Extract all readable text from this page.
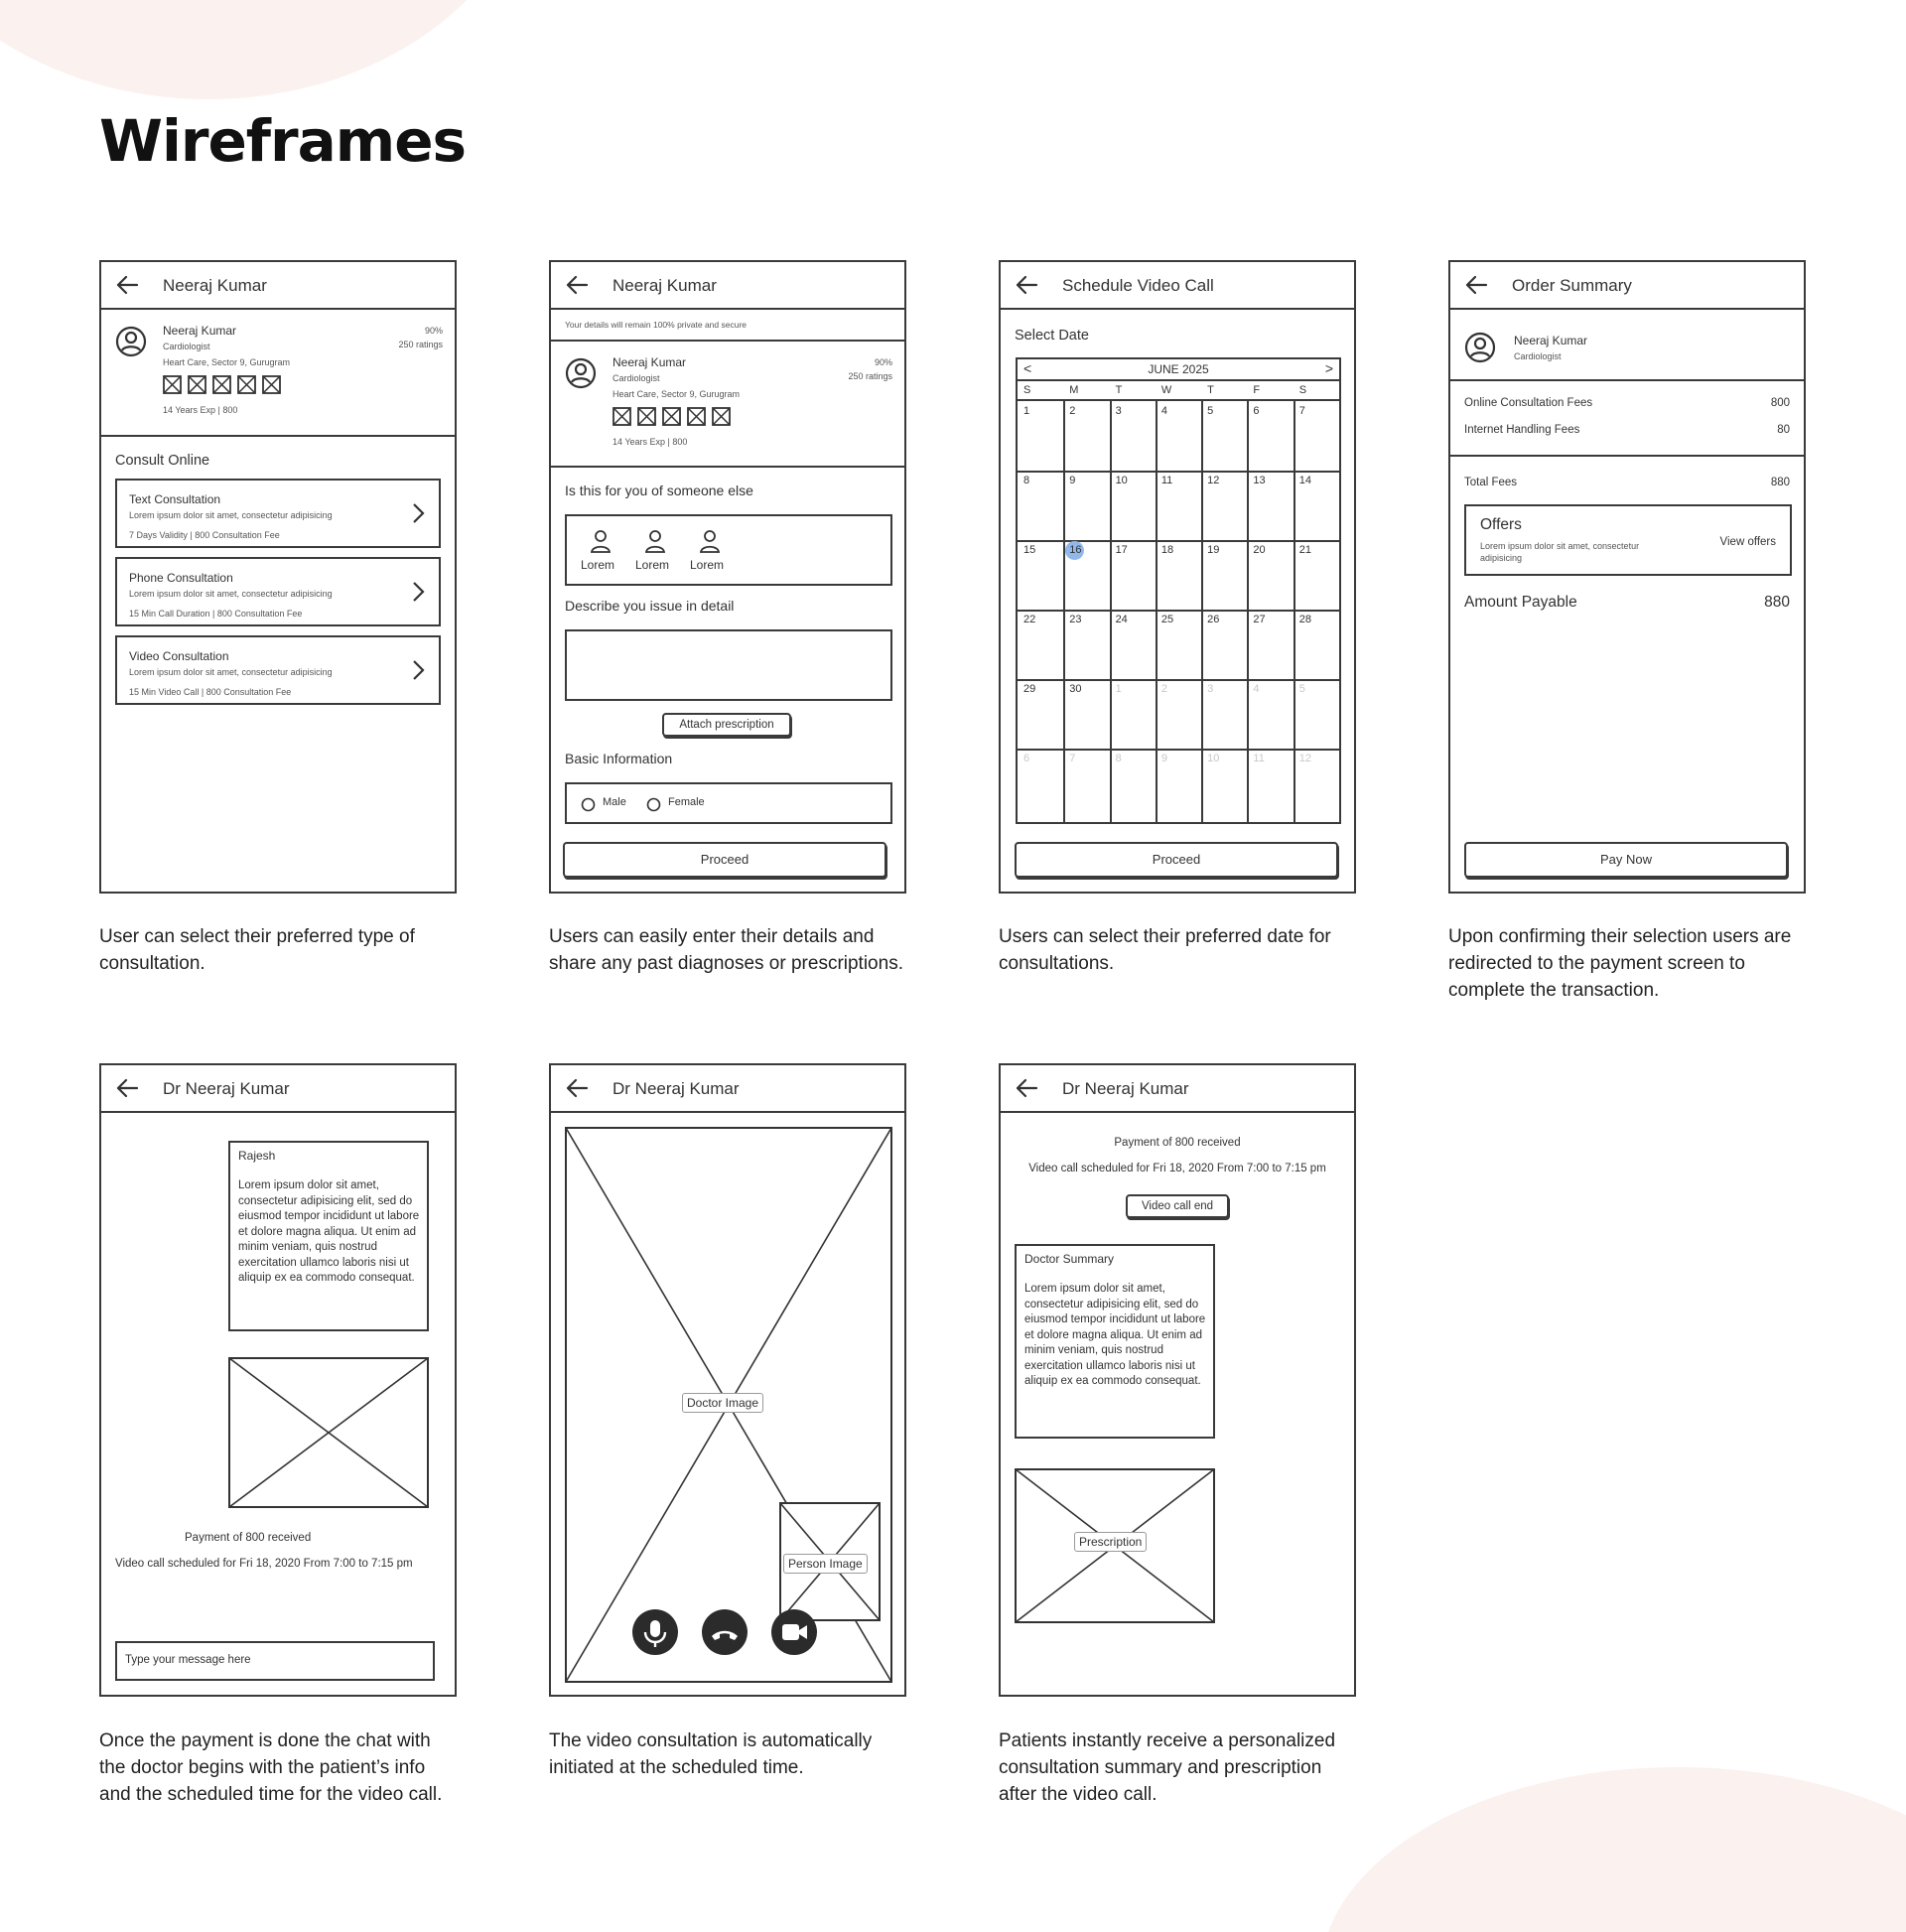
Wireframes
Neeraj Kumar
Neeraj Kumar
Cardiologist
Heart Care, Sector 9, Gurugram
90%
250 ratings
14 Years Exp | 800
Consult Online
Text Consultation
Lorem ipsum dolor sit amet, consectetur adipisicing
7 Days Validity | 800 Consultation Fee
Phone Consultation
Lorem ipsum dolor sit amet, consectetur adipisicing
15 Min Call Duration | 800 Consultation Fee
Video Consultation
Lorem ipsum dolor sit amet, consectetur adipisicing
15 Min Video Call | 800 Consultation Fee

User can select their preferred type of consultation.

Neeraj Kumar
Your details will remain 100% private and secure
Neeraj Kumar
Cardiologist
Heart Care, Sector 9, Gurugram
90%
250 ratings
14 Years Exp | 800
Is this for you of someone else
Lorem Lorem Lorem
Describe you issue in detail
Attach prescription
Basic Information
Male	Female
Proceed

Users can easily enter their details and share any past diagnoses or prescriptions.

Schedule Video Call
Select Date
<	JUNE 2025	>
S	M	T	W	T	F	S
1	2	3	4	5	6	7
8	9	10	11	12	13	14
15	16	17	18	19	20	21
22	23	24	25	26	27	28
29	30	1	2	3	4	5
6	7	8	9	10	11	12
Proceed

Users can select their preferred date for consultations.

Order Summary
Neeraj Kumar
Cardiologist
Online Consultation Fees	800
Internet Handling Fees	80
Total Fees	880
Offers
Lorem ipsum dolor sit amet, consectetur adipisicing
View offers
Amount Payable	880
Pay Now

Upon confirming their selection users are redirected to the payment screen to complete the transaction.

Dr Neeraj Kumar
Rajesh
Lorem ipsum dolor sit amet, consectetur adipisicing elit, sed do eiusmod tempor incididunt ut labore et dolore magna aliqua. Ut enim ad minim veniam, quis nostrud exercitation ullamco laboris nisi ut aliquip ex ea commodo consequat.
Payment of 800 received
Video call scheduled for Fri 18, 2020 From 7:00 to 7:15 pm
Type your message here

Once the payment is done the chat with the doctor begins with the patient’s info and the scheduled time for the video call.

Dr Neeraj Kumar
Doctor Image
Person Image

The video consultation is automatically initiated at the scheduled time.

Dr Neeraj Kumar
Payment of 800 received
Video call scheduled for Fri 18, 2020 From 7:00 to 7:15 pm
Video call end
Doctor Summary
Lorem ipsum dolor sit amet, consectetur adipisicing elit, sed do eiusmod tempor incididunt ut labore et dolore magna aliqua. Ut enim ad minim veniam, quis nostrud exercitation ullamco laboris nisi ut aliquip ex ea commodo consequat.
Prescription

Patients instantly receive a personalized consultation summary and prescription after the video call.
